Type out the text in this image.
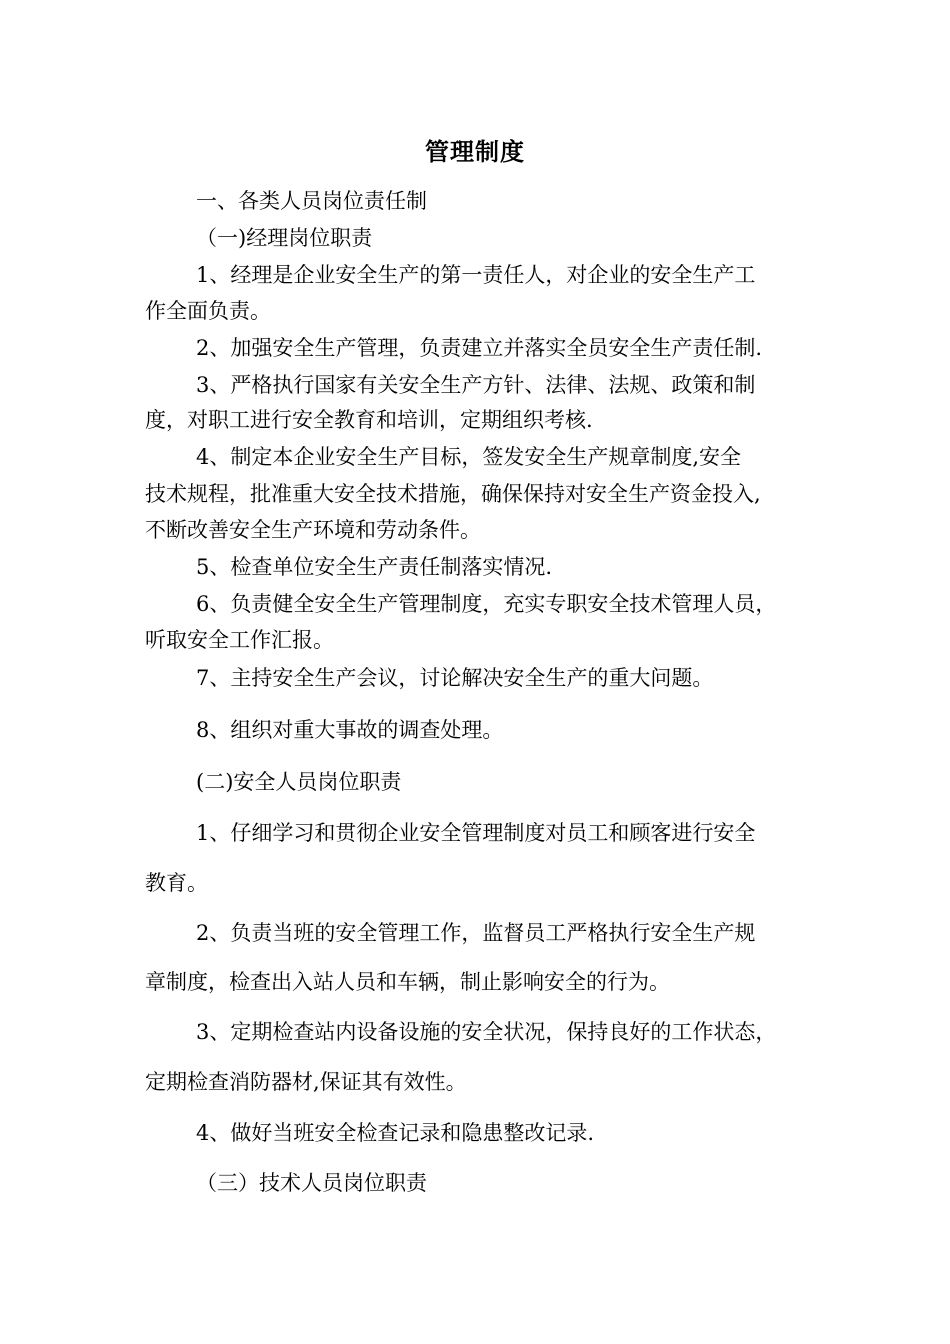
管理制度
一、各类人员岗位责任制
（一)经理岗位职责
1、经理是企业安全生产的第一责任人，对企业的安全生产工
作全面负责。
2、加强安全生产管理，负责建立并落实全员安全生产责任制.
3、严格执行国家有关安全生产方针、法律、法规、政策和制
度，对职工进行安全教育和培训，定期组织考核.
4、制定本企业安全生产目标，签发安全生产规章制度,安全
技术规程，批准重大安全技术措施，确保保持对安全生产资金投入,
不断改善安全生产环境和劳动条件。
5、检查单位安全生产责任制落实情况.
6、负责健全安全生产管理制度，充实专职安全技术管理人员，
听取安全工作汇报。
7、主持安全生产会议，讨论解决安全生产的重大问题。
8、组织对重大事故的调查处理。
(二)安全人员岗位职责
1、仔细学习和贯彻企业安全管理制度对员工和顾客进行安全
教育。
2、负责当班的安全管理工作，监督员工严格执行安全生产规
章制度，检查出入站人员和车辆，制止影响安全的行为。
3、定期检查站内设备设施的安全状况，保持良好的工作状态，
定期检查消防器材,保证其有效性。
4、做好当班安全检查记录和隐患整改记录.
（三）技术人员岗位职责
